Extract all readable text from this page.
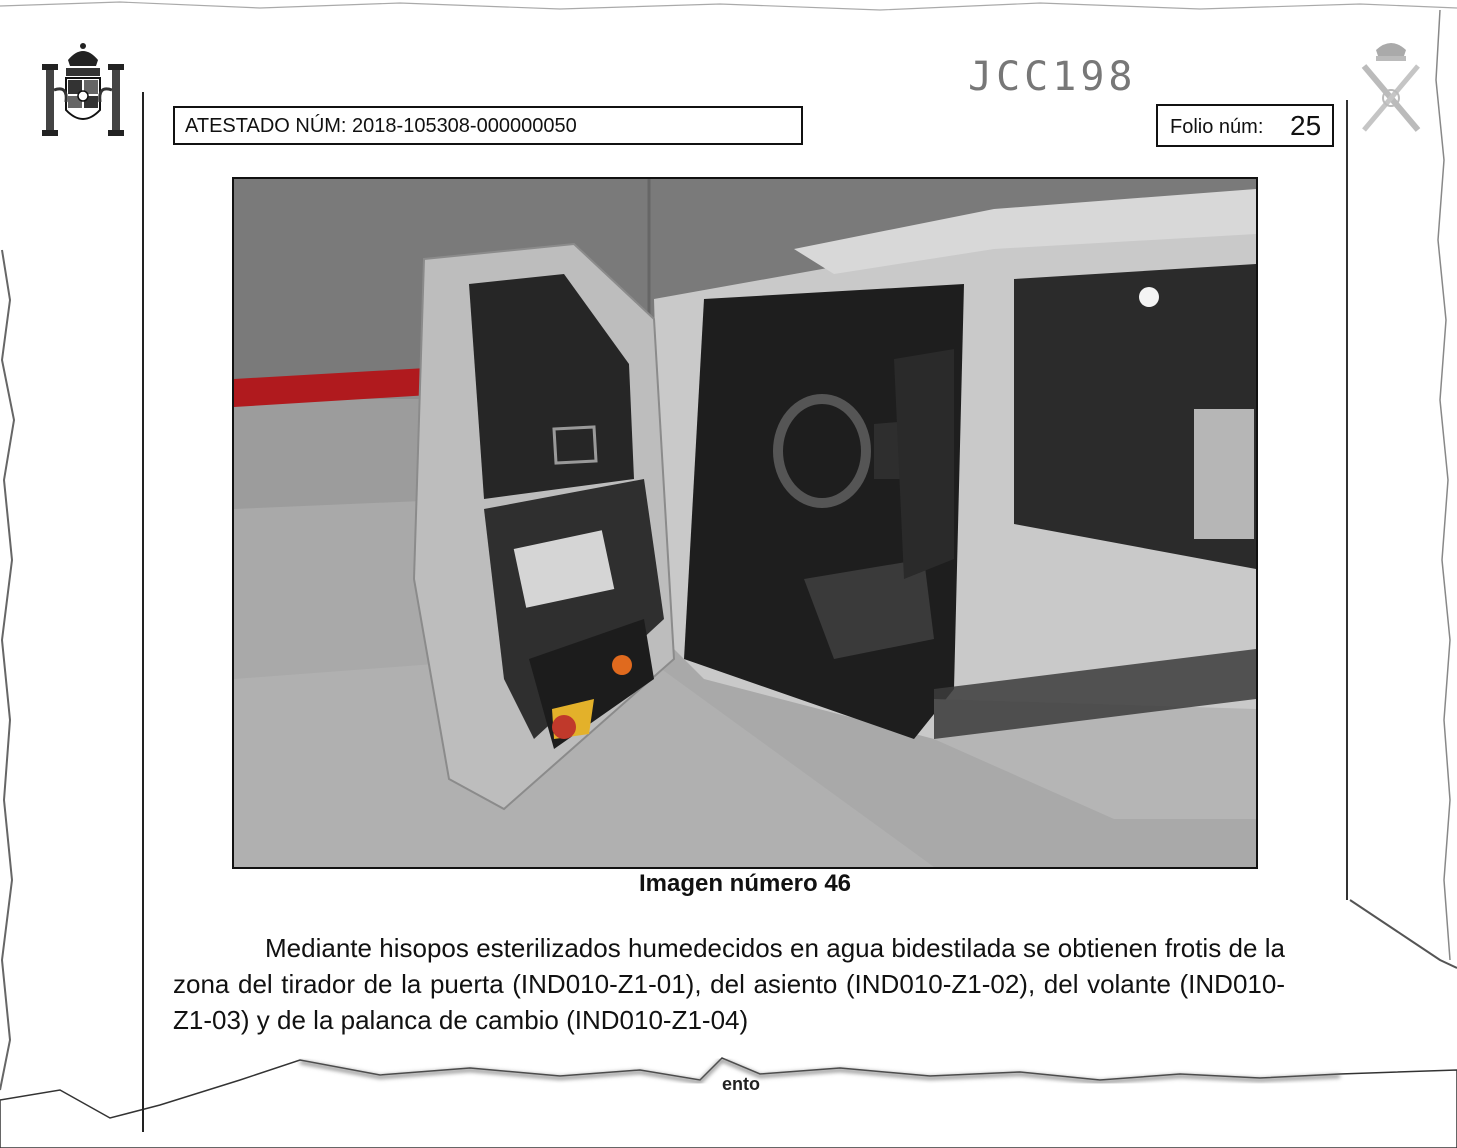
ATESTADO NÚM: 2018-105308-000000050
JCC198
Folio núm: 25
Imagen número 46
Mediante hisopos esterilizados humedecidos en agua bidestilada se obtienen frotis de la zona del tirador de la puerta (IND010-Z1-01), del asiento (IND010-Z1-02), del volante (IND010-Z1-03) y de la palanca de cambio (IND010-Z1-04)
ento
